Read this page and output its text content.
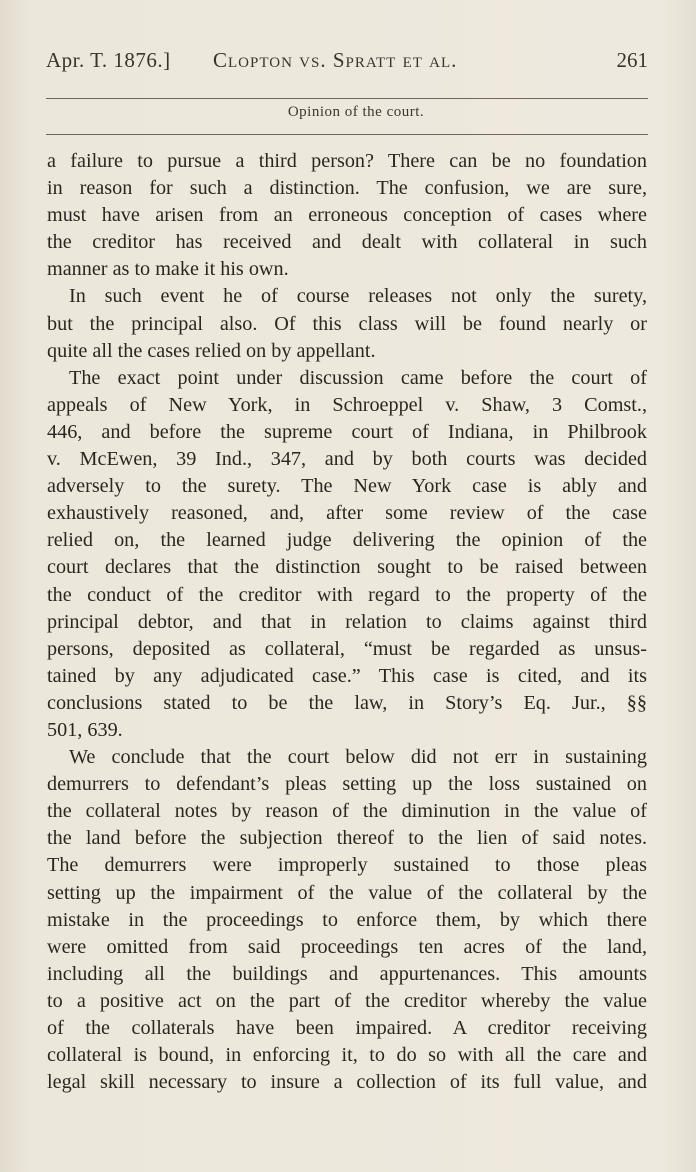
Apr. T. 1876.] Clopton vs. Spratt et al.	261
Opinion of the court.
a failure to pursue a third person? There can be no foundation
in reason for such a distinction. The confusion, we are sure,
must have arisen from an erroneous conception of cases where
the creditor has received and dealt with collateral in such
manner as to make it his own.
In such event he of course releases not only the surety,
but the principal also. Of this class will be found nearly or
quite all the cases relied on by appellant.
The exact point under discussion came before the court of
appeals of New York, in Schroeppel v. Shaw, 3 Comst.,
446, and before the supreme court of Indiana, in Philbrook
v. McEwen, 39 Ind., 347, and by both courts was decided
adversely to the surety. The New York case is ably and
exhaustively reasoned, and, after some review of the case
relied on, the learned judge delivering the opinion of the
court declares that the distinction sought to be raised between
the conduct of the creditor with regard to the property of the
principal debtor, and that in relation to claims against third
persons, deposited as collateral, “must be regarded as unsus-
tained by any adjudicated case.” This case is cited, and its
conclusions stated to be the law, in Story’s Eq. Jur., §§
501, 639.
We conclude that the court below did not err in sustaining
demurrers to defendant’s pleas setting up the loss sustained on
the collateral notes by reason of the diminution in the value of
the land before the subjection thereof to the lien of said notes.
The demurrers were improperly sustained to those pleas
setting up the impairment of the value of the collateral by the
mistake in the proceedings to enforce them, by which there
were omitted from said proceedings ten acres of the land,
including all the buildings and appurtenances. This amounts
to a positive act on the part of the creditor whereby the value
of the collaterals have been impaired. A creditor receiving
collateral is bound, in enforcing it, to do so with all the care and
legal skill necessary to insure a collection of its full value, and
